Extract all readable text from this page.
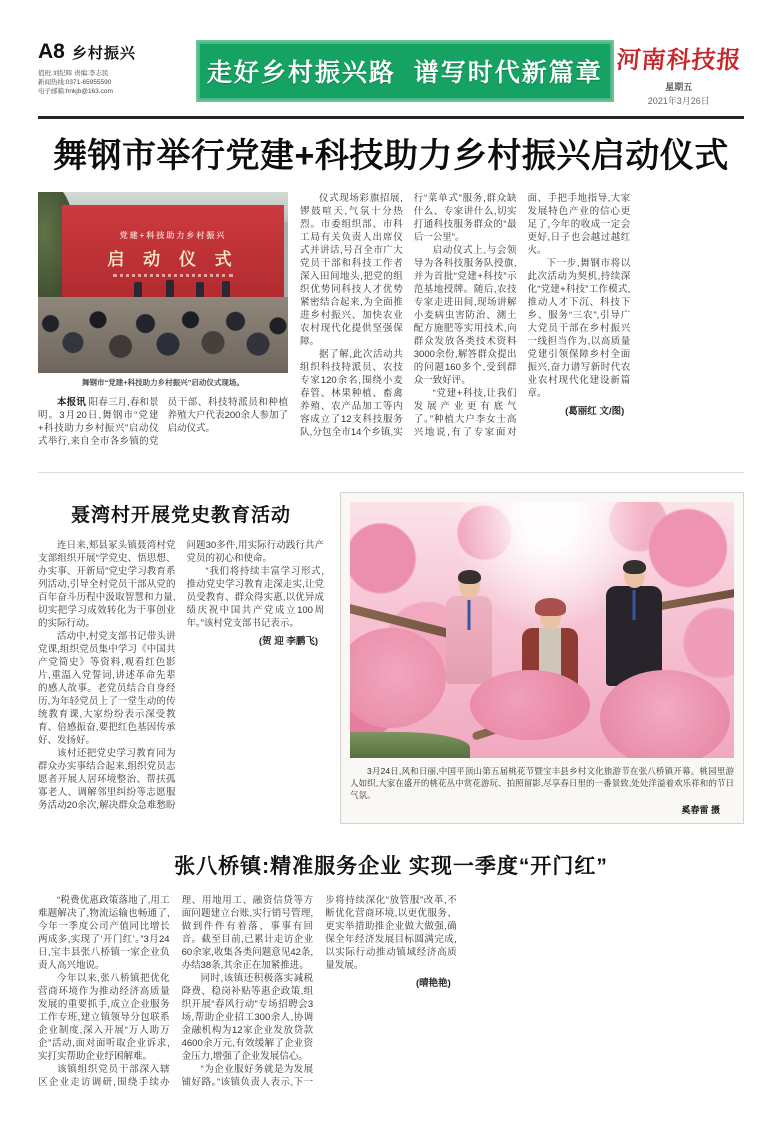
A8 乡村振兴
值班:刘纪晖 责编:李志民
新闻热线:0371-65955590
电子邮箱:hnkjb@163.com
走好乡村振兴路  谱写时代新篇章 河南科技报
星期五
2021年3月26日
舞钢市举行党建+科技助力乡村振兴启动仪式
党建+科技助力乡村振兴
启 动 仪 式
舞钢市“党建+科技助力乡村振兴”启动仪式现场。

本报讯 阳春三月,春和景明。3月20日,舞钢市“党建+科技助力乡村振兴”启动仪式举行,来自全市各乡镇的党员干部、科技特派员和种植养殖大户代表200余人参加了启动仪式。

仪式现场彩旗招展,锣鼓喧天,气氛十分热烈。市委组织部、市科工局有关负责人出席仪式并讲话,号召全市广大党员干部和科技工作者深入田间地头,把党的组织优势同科技人才优势紧密结合起来,为全面推进乡村振兴、加快农业农村现代化提供坚强保障。

据了解,此次活动共组织科技特派员、农技专家120余名,围绕小麦春管、林果种植、畜禽养殖、农产品加工等内容成立了12支科技服务队,分包全市14个乡镇,实行“菜单式”服务,群众缺什么、专家讲什么,切实打通科技服务群众的“最后一公里”。

启动仪式上,与会领导为各科技服务队授旗,并为首批“党建+科技”示范基地授牌。随后,农技专家走进田间,现场讲解小麦病虫害防治、测土配方施肥等实用技术,向群众发放各类技术资料3000余份,解答群众提出的问题160多个,受到群众一致好评。

“党建+科技,让我们发展产业更有底气了。”种植大户李女士高兴地说,有了专家面对面、手把手地指导,大家发展特色产业的信心更足了,今年的收成一定会更好,日子也会越过越红火。

下一步,舞钢市将以此次活动为契机,持续深化“党建+科技”工作模式,推动人才下沉、科技下乡、服务“三农”,引导广大党员干部在乡村振兴一线担当作为,以高质量党建引领保障乡村全面振兴,奋力谱写新时代农业农村现代化建设新篇章。

(葛丽红 文/图)
聂湾村开展党史教育活动

连日来,郏县冢头镇聂湾村党支部组织开展“学党史、悟思想、办实事、开新局”党史学习教育系列活动,引导全村党员干部从党的百年奋斗历程中汲取智慧和力量,切实把学习成效转化为干事创业的实际行动。

活动中,村党支部书记带头讲党课,组织党员集中学习《中国共产党简史》等资料,观看红色影片,重温入党誓词,讲述革命先辈的感人故事。老党员结合自身经历,为年轻党员上了一堂生动的传统教育课,大家纷纷表示深受教育、倍感振奋,要把红色基因传承好、发扬好。

该村还把党史学习教育同为群众办实事结合起来,组织党员志愿者开展人居环境整治、帮扶孤寡老人、调解邻里纠纷等志愿服务活动20余次,解决群众急难愁盼问题30多件,用实际行动践行共产党员的初心和使命。

“我们将持续丰富学习形式,推动党史学习教育走深走实,让党员受教育、群众得实惠,以优异成绩庆祝中国共产党成立100周年。”该村党支部书记表示。

(贺 迎 李鹏飞)
3月24日,风和日丽,中国平顶山第五届桃花节暨宝丰县乡村文化旅游节在张八桥镇开幕。桃园里游人如织,大家在盛开的桃花丛中赏花游玩、拍照留影,尽享春日里的一番景致,处处洋溢着欢乐祥和的节日气氛。
奚春雷 摄
张八桥镇:精准服务企业 实现一季度“开门红”

“税费优惠政策落地了,用工难题解决了,物流运输也畅通了,今年一季度公司产值同比增长两成多,实现了‘开门红’。”3月24日,宝丰县张八桥镇一家企业负责人高兴地说。

今年以来,张八桥镇把优化营商环境作为推动经济高质量发展的重要抓手,成立企业服务工作专班,建立镇领导分包联系企业制度,深入开展“万人助万企”活动,面对面听取企业诉求,实打实帮助企业纾困解难。

该镇组织党员干部深入辖区企业走访调研,围绕手续办理、用地用工、融资信贷等方面问题建立台账,实行销号管理,做到件件有着落、事事有回音。截至目前,已累计走访企业60余家,收集各类问题意见42条,办结38条,其余正在加紧推进。

同时,该镇还积极落实减税降费、稳岗补贴等惠企政策,组织开展“春风行动”专场招聘会3场,帮助企业招工300余人,协调金融机构为12家企业发放贷款4600余万元,有效缓解了企业资金压力,增强了企业发展信心。

“为企业服好务就是为发展铺好路。”该镇负责人表示,下一步将持续深化“放管服”改革,不断优化营商环境,以更优服务、更实举措助推企业做大做强,确保全年经济发展目标圆满完成,以实际行动推动镇域经济高质量发展。

(晴艳艳)
